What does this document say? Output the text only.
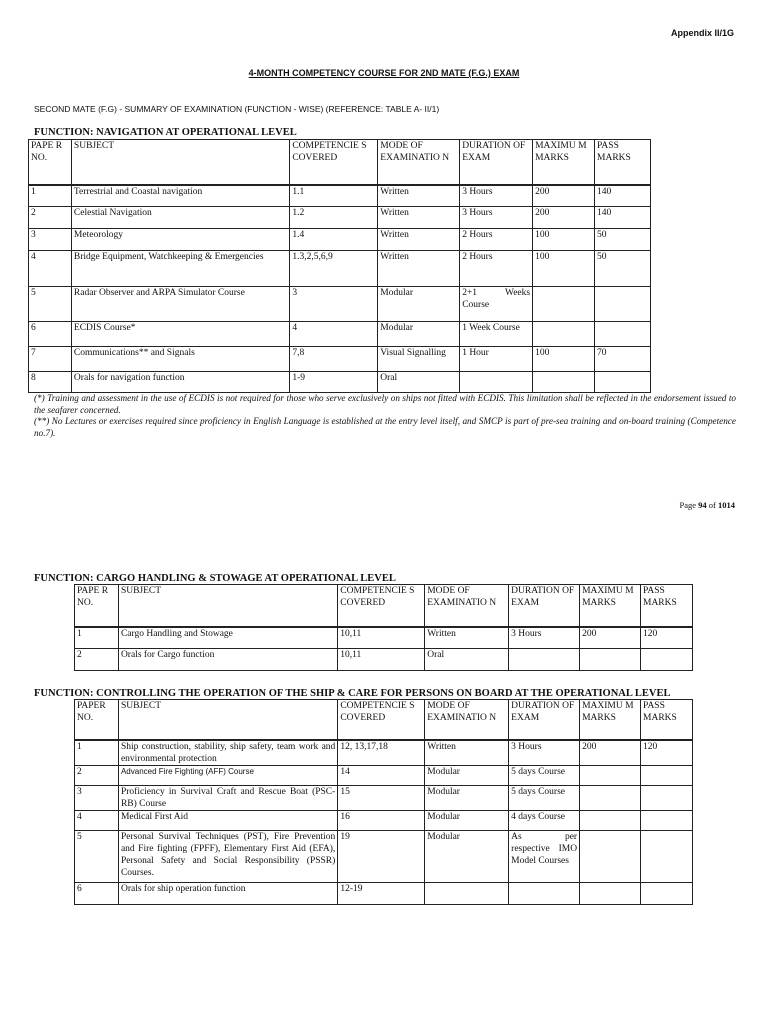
Appendix II/1G
4-MONTH COMPETENCY COURSE FOR 2ND MATE (F.G.) EXAM
SECOND MATE (F.G) - SUMMARY OF EXAMINATION (FUNCTION - WISE) (REFERENCE: TABLE A- II/1)
FUNCTION: NAVIGATION AT OPERATIONAL LEVEL
PAPE R NO.	SUBJECT	COMPETENCIE S COVERED	MODE OF EXAMINATIO N	DURATION OF EXAM	MAXIMU M MARKS	PASS MARKS
1	Terrestrial and Coastal navigation	1.1	Written	3 Hours	200	140
2	Celestial Navigation	1.2	Written	3 Hours	200	140
3	Meteorology	1.4	Written	2 Hours	100	50
4	Bridge Equipment, Watchkeeping & Emergencies	1.3,2,5,6,9	Written	2 Hours	100	50
5	Radar Observer and ARPA Simulator Course	3	Modular	2+1 Weeks Course		
6	ECDIS Course*	4	Modular	1 Week Course		
7	Communications** and Signals	7,8	Visual Signalling	1 Hour	100	70
8	Orals for navigation function	1-9	Oral			

(*) Training and assessment in the use of ECDIS is not required for those who serve exclusively on ships not fitted with ECDIS. This limitation shall be reflected in the endorsement issued to the seafarer concerned.

(**) No Lectures or exercises required since proficiency in English Language is established at the entry level itself, and SMCP is part of pre-sea training and on-board training (Competence no.7).

Page 94 of 1014
FUNCTION: CARGO HANDLING & STOWAGE AT OPERATIONAL LEVEL
PAPE R NO.	SUBJECT	COMPETENCIE S COVERED	MODE OF EXAMINATIO N	DURATION OF EXAM	MAXIMU M MARKS	PASS MARKS
1	Cargo Handling and Stowage	10,11	Written	3 Hours	200	120
2	Orals for Cargo function	10,11	Oral			
FUNCTION: CONTROLLING THE OPERATION OF THE SHIP & CARE FOR PERSONS ON BOARD AT THE OPERATIONAL LEVEL
PAPER NO.	SUBJECT	COMPETENCIE S COVERED	MODE OF EXAMINATIO N	DURATION OF EXAM	MAXIMU M MARKS	PASS MARKS
1	Ship construction, stability, ship safety, team work and environmental protection	12, 13,17,18	Written	3 Hours	200	120
2	Advanced Fire Fighting (AFF) Course	14	Modular	5 days Course		
3	Proficiency in Survival Craft and Rescue Boat (PSC-RB) Course	15	Modular	5 days Course		
4	Medical First Aid	16	Modular	4 days Course		
5	Personal Survival Techniques (PST), Fire Prevention and Fire fighting (FPFF), Elementary First Aid (EFA), Personal Safety and Social Responsibility (PSSR) Courses.	19	Modular	As per respective IMO Model Courses		
6	Orals for ship operation function	12-19				
